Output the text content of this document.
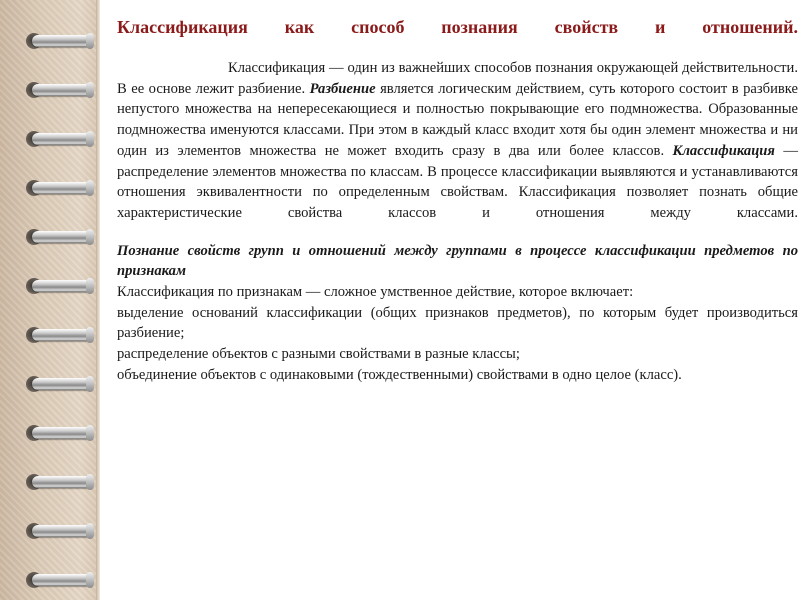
Классификация как способ познания свойств и отношений.

Классификация — один из важнейших способов познания окружающей действительности. В ее основе лежит разбиение. Разбиение является логическим действием, суть которого состоит в разбивке непустого множества на непересекающиеся и полностью покрывающие его подмножества. Образованные подмножества именуются классами. При этом в каждый класс входит хотя бы один элемент множества и ни один из элементов множества не может входить сразу в два или более классов. Классификация — распределение элементов множества по классам. В процессе классификации выявляются и устанавливаются отношения эквивалентности по определенным свойствам. Классификация позволяет познать общие характеристические свойства классов и отношения между классами.

Познание свойств групп и отношений между группами в процессе классификации предметов по признакам

Классификация по признакам — сложное умственное действие, которое включает:

выделение оснований классификации (общих признаков предметов), по которым будет производиться разбиение;

распределение объектов с разными свойствами в разные классы;

объединение объектов с одинаковыми (тождественными) свойствами в одно целое (класс).
